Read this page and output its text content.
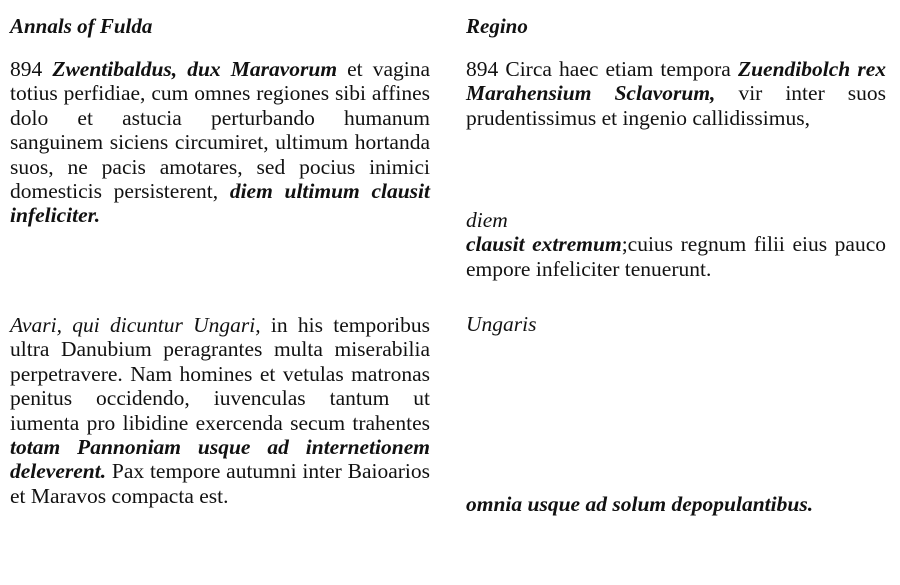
Annals of Fulda

894 Zwentibaldus, dux Maravorum et vagina totius perfidiae, cum omnes regiones sibi affines dolo et astucia perturbando humanum sanguinem siciens circumiret, ultimum hortanda suos, ne pacis amotares, sed pocius inimici domesticis persisterent, diem ultimum clausit infeliciter.

Avari, qui dicuntur Ungari, in his temporibus ultra Danubium peragrantes multa miserabilia perpetravere. Nam homines et vetulas matronas penitus occidendo, iuvenculas tantum ut iumenta pro libidine exercenda secum trahentes totam Pannoniam usque ad internetionem deleverent. Pax tempore autumni inter Baioarios et Maravos compacta est.

Regino

894 Circa haec etiam tempora Zuendibolch rex Marahensium Sclavorum, vir inter suos prudentissimus et ingenio callidissimus,

diem

clausit extremum;cuius regnum filii eius pauco empore infeliciter tenuerunt.

Ungaris

omnia usque ad solum depopulantibus.
